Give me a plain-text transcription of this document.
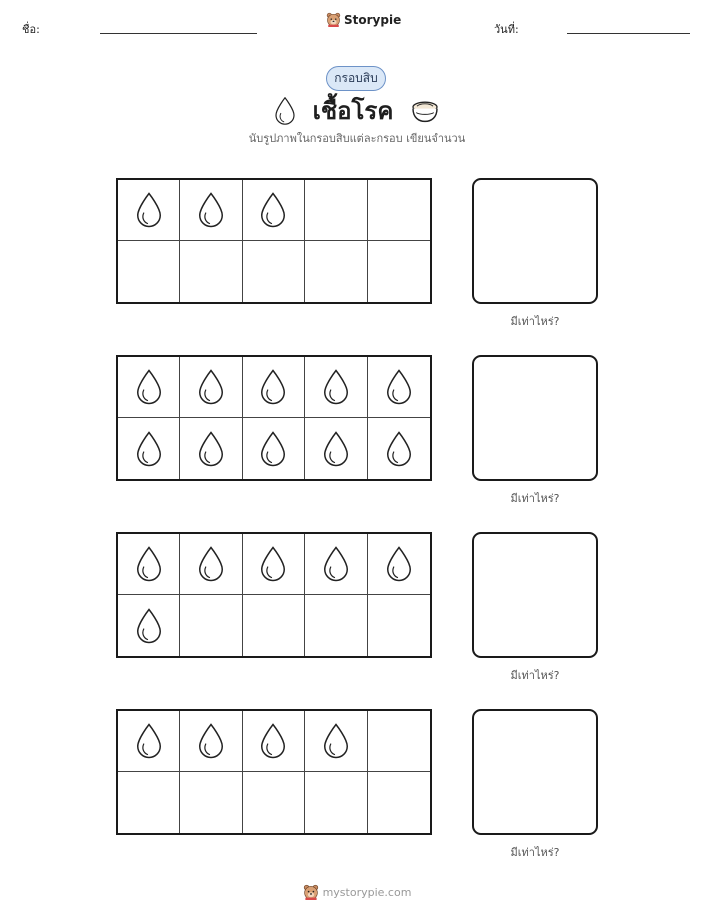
ชื่อ:
Storypie
วันที่:
กรอบสิบ
เชื้อโรค
นับรูปภาพในกรอบสิบแต่ละกรอบ เขียนจำนวน
มีเท่าไหร่?
มีเท่าไหร่?
มีเท่าไหร่?
มีเท่าไหร่?
mystorypie.com
